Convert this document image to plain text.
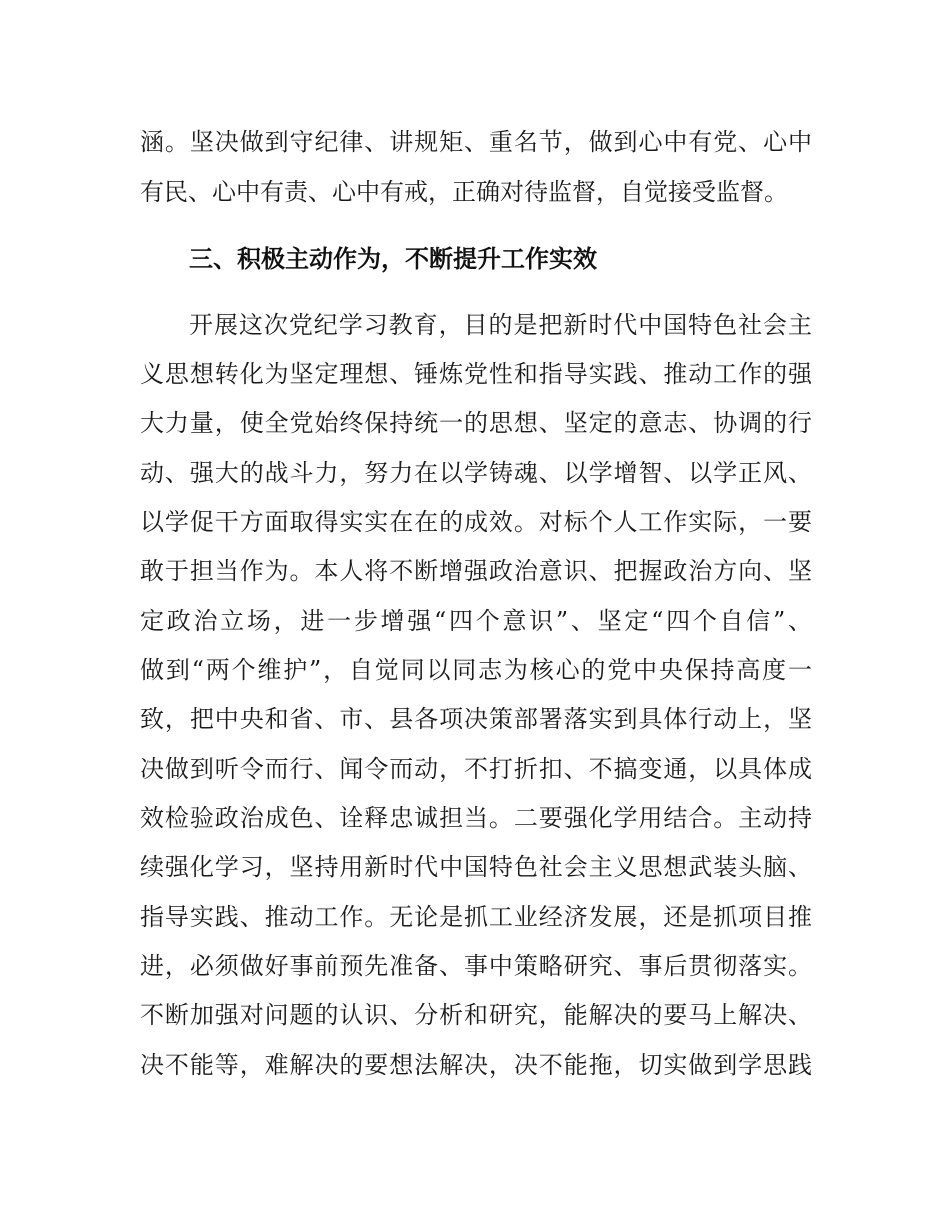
涵。坚决做到守纪律、讲规矩、重名节，做到心中有党、心中
有民、心中有责、心中有戒，正确对待监督，自觉接受监督。
三、积极主动作为，不断提升工作实效
开展这次党纪学习教育，目的是把新时代中国特色社会主
义思想转化为坚定理想、锤炼党性和指导实践、推动工作的强
大力量，使全党始终保持统一的思想、坚定的意志、协调的行
动、强大的战斗力，努力在以学铸魂、以学增智、以学正风、
以学促干方面取得实实在在的成效。对标个人工作实际，一要
敢于担当作为。本人将不断增强政治意识、把握政治方向、坚
定政治立场，进一步增强“四个意识”、坚定“四个自信”、
做到“两个维护”，自觉同以同志为核心的党中央保持高度一
致，把中央和省、市、县各项决策部署落实到具体行动上，坚
决做到听令而行、闻令而动，不打折扣、不搞变通，以具体成
效检验政治成色、诠释忠诚担当。二要强化学用结合。主动持
续强化学习，坚持用新时代中国特色社会主义思想武装头脑、
指导实践、推动工作。无论是抓工业经济发展，还是抓项目推
进，必须做好事前预先准备、事中策略研究、事后贯彻落实。
不断加强对问题的认识、分析和研究，能解决的要马上解决、
决不能等，难解决的要想法解决，决不能拖，切实做到学思践
